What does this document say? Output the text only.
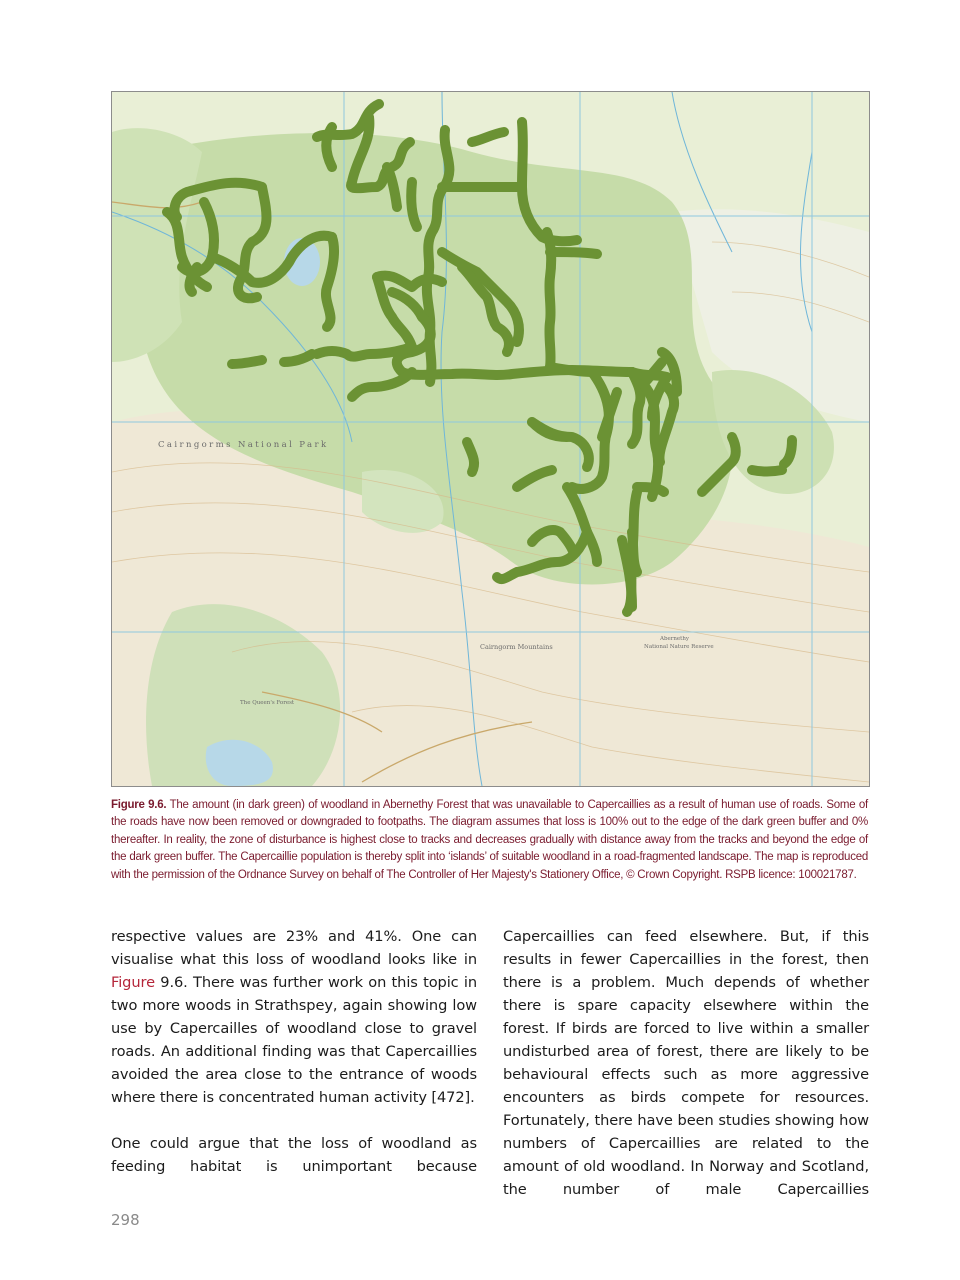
Cairngorms National Park
Cairngorm Mountains
Abernethy
National Nature Reserve
The Queen's Forest
Figure 9.6. The amount (in dark green) of woodland in Abernethy Forest that was unavailable to Capercaillies as a result of human use of roads. Some of the roads have now been removed or downgraded to footpaths. The diagram assumes that loss is 100% out to the edge of the dark green buffer and 0% thereafter. In reality, the zone of disturbance is highest close to tracks and decreases gradually with distance away from the tracks and beyond the edge of the dark green buffer. The Capercaillie population is thereby split into ‘islands’ of suitable woodland in a road-fragmented landscape. The map is reproduced with the permission of the Ordnance Survey on behalf of The Controller of Her Majesty's Stationery Office, © Crown Copyright. RSPB licence: 100021787.

respective values are 23% and 41%. One can visualise what this loss of woodland looks like in Figure 9.6. There was further work on this topic in two more woods in Strathspey, again showing low use by Capercailles of woodland close to gravel roads. An additional finding was that Capercaillies avoided the area close to the entrance of woods where there is concentrated human activity [472].

One could argue that the loss of woodland as feeding habitat is unimportant because

Capercaillies can feed elsewhere. But, if this results in fewer Capercaillies in the forest, then there is a problem. Much depends of whether there is spare capacity elsewhere within the forest. If birds are forced to live within a smaller undisturbed area of forest, there are likely to be behavioural effects such as more aggressive encounters as birds compete for resources. Fortunately, there have been studies showing how numbers of Capercaillies are related to the amount of old woodland. In Norway and Scotland, the number of male Capercaillies

298
